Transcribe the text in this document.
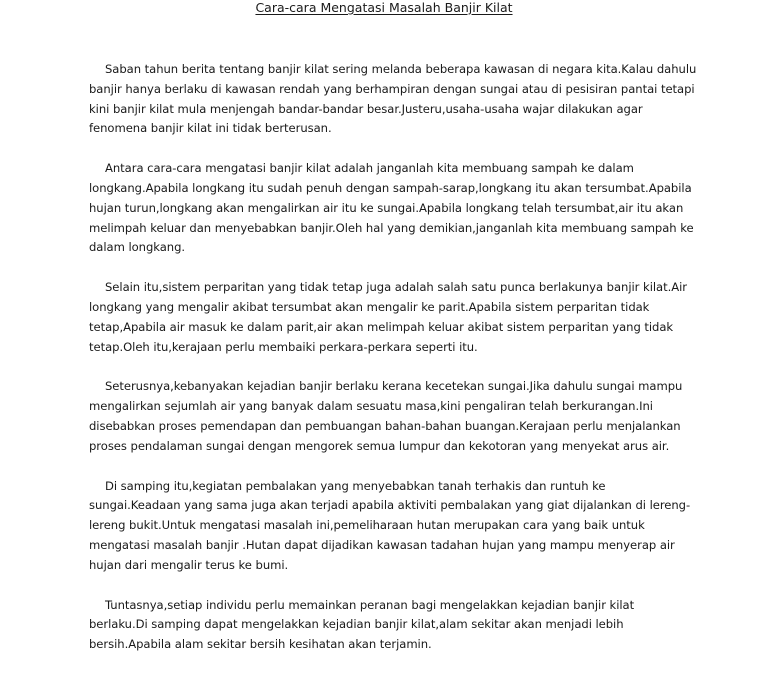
Cara-cara Mengatasi Masalah Banjir Kilat

Saban tahun berita tentang banjir kilat sering melanda beberapa kawasan di negara kita.Kalau dahulu
banjir hanya berlaku di kawasan rendah yang berhampiran dengan sungai atau di pesisiran pantai tetapi
kini banjir kilat mula menjengah bandar-bandar besar.Justeru,usaha-usaha wajar dilakukan agar
fenomena banjir kilat ini tidak berterusan.

Antara cara-cara mengatasi banjir kilat adalah janganlah kita membuang sampah ke dalam
longkang.Apabila longkang itu sudah penuh dengan sampah-sarap,longkang itu akan tersumbat.Apabila
hujan turun,longkang akan mengalirkan air itu ke sungai.Apabila longkang telah tersumbat,air itu akan
melimpah keluar dan menyebabkan banjir.Oleh hal yang demikian,janganlah kita membuang sampah ke
dalam longkang.

Selain itu,sistem perparitan yang tidak tetap juga adalah salah satu punca berlakunya banjir kilat.Air
longkang yang mengalir akibat tersumbat akan mengalir ke parit.Apabila sistem perparitan tidak
tetap,Apabila air masuk ke dalam parit,air akan melimpah keluar akibat sistem perparitan yang tidak
tetap.Oleh itu,kerajaan perlu membaiki perkara-perkara seperti itu.

Seterusnya,kebanyakan kejadian banjir berlaku kerana kecetekan sungai.Jika dahulu sungai mampu
mengalirkan sejumlah air yang banyak dalam sesuatu masa,kini pengaliran telah berkurangan.Ini
disebabkan proses pemendapan dan pembuangan bahan-bahan buangan.Kerajaan perlu menjalankan
proses pendalaman sungai dengan mengorek semua lumpur dan kekotoran yang menyekat arus air.

Di samping itu,kegiatan pembalakan yang menyebabkan tanah terhakis dan runtuh ke
sungai.Keadaan yang sama juga akan terjadi apabila aktiviti pembalakan yang giat dijalankan di lereng-
lereng bukit.Untuk mengatasi masalah ini,pemeliharaan hutan merupakan cara yang baik untuk
mengatasi masalah banjir .Hutan dapat dijadikan kawasan tadahan hujan yang mampu menyerap air
hujan dari mengalir terus ke bumi.

Tuntasnya,setiap individu perlu memainkan peranan bagi mengelakkan kejadian banjir kilat
berlaku.Di samping dapat mengelakkan kejadian banjir kilat,alam sekitar akan menjadi lebih
bersih.Apabila alam sekitar bersih kesihatan akan terjamin.
